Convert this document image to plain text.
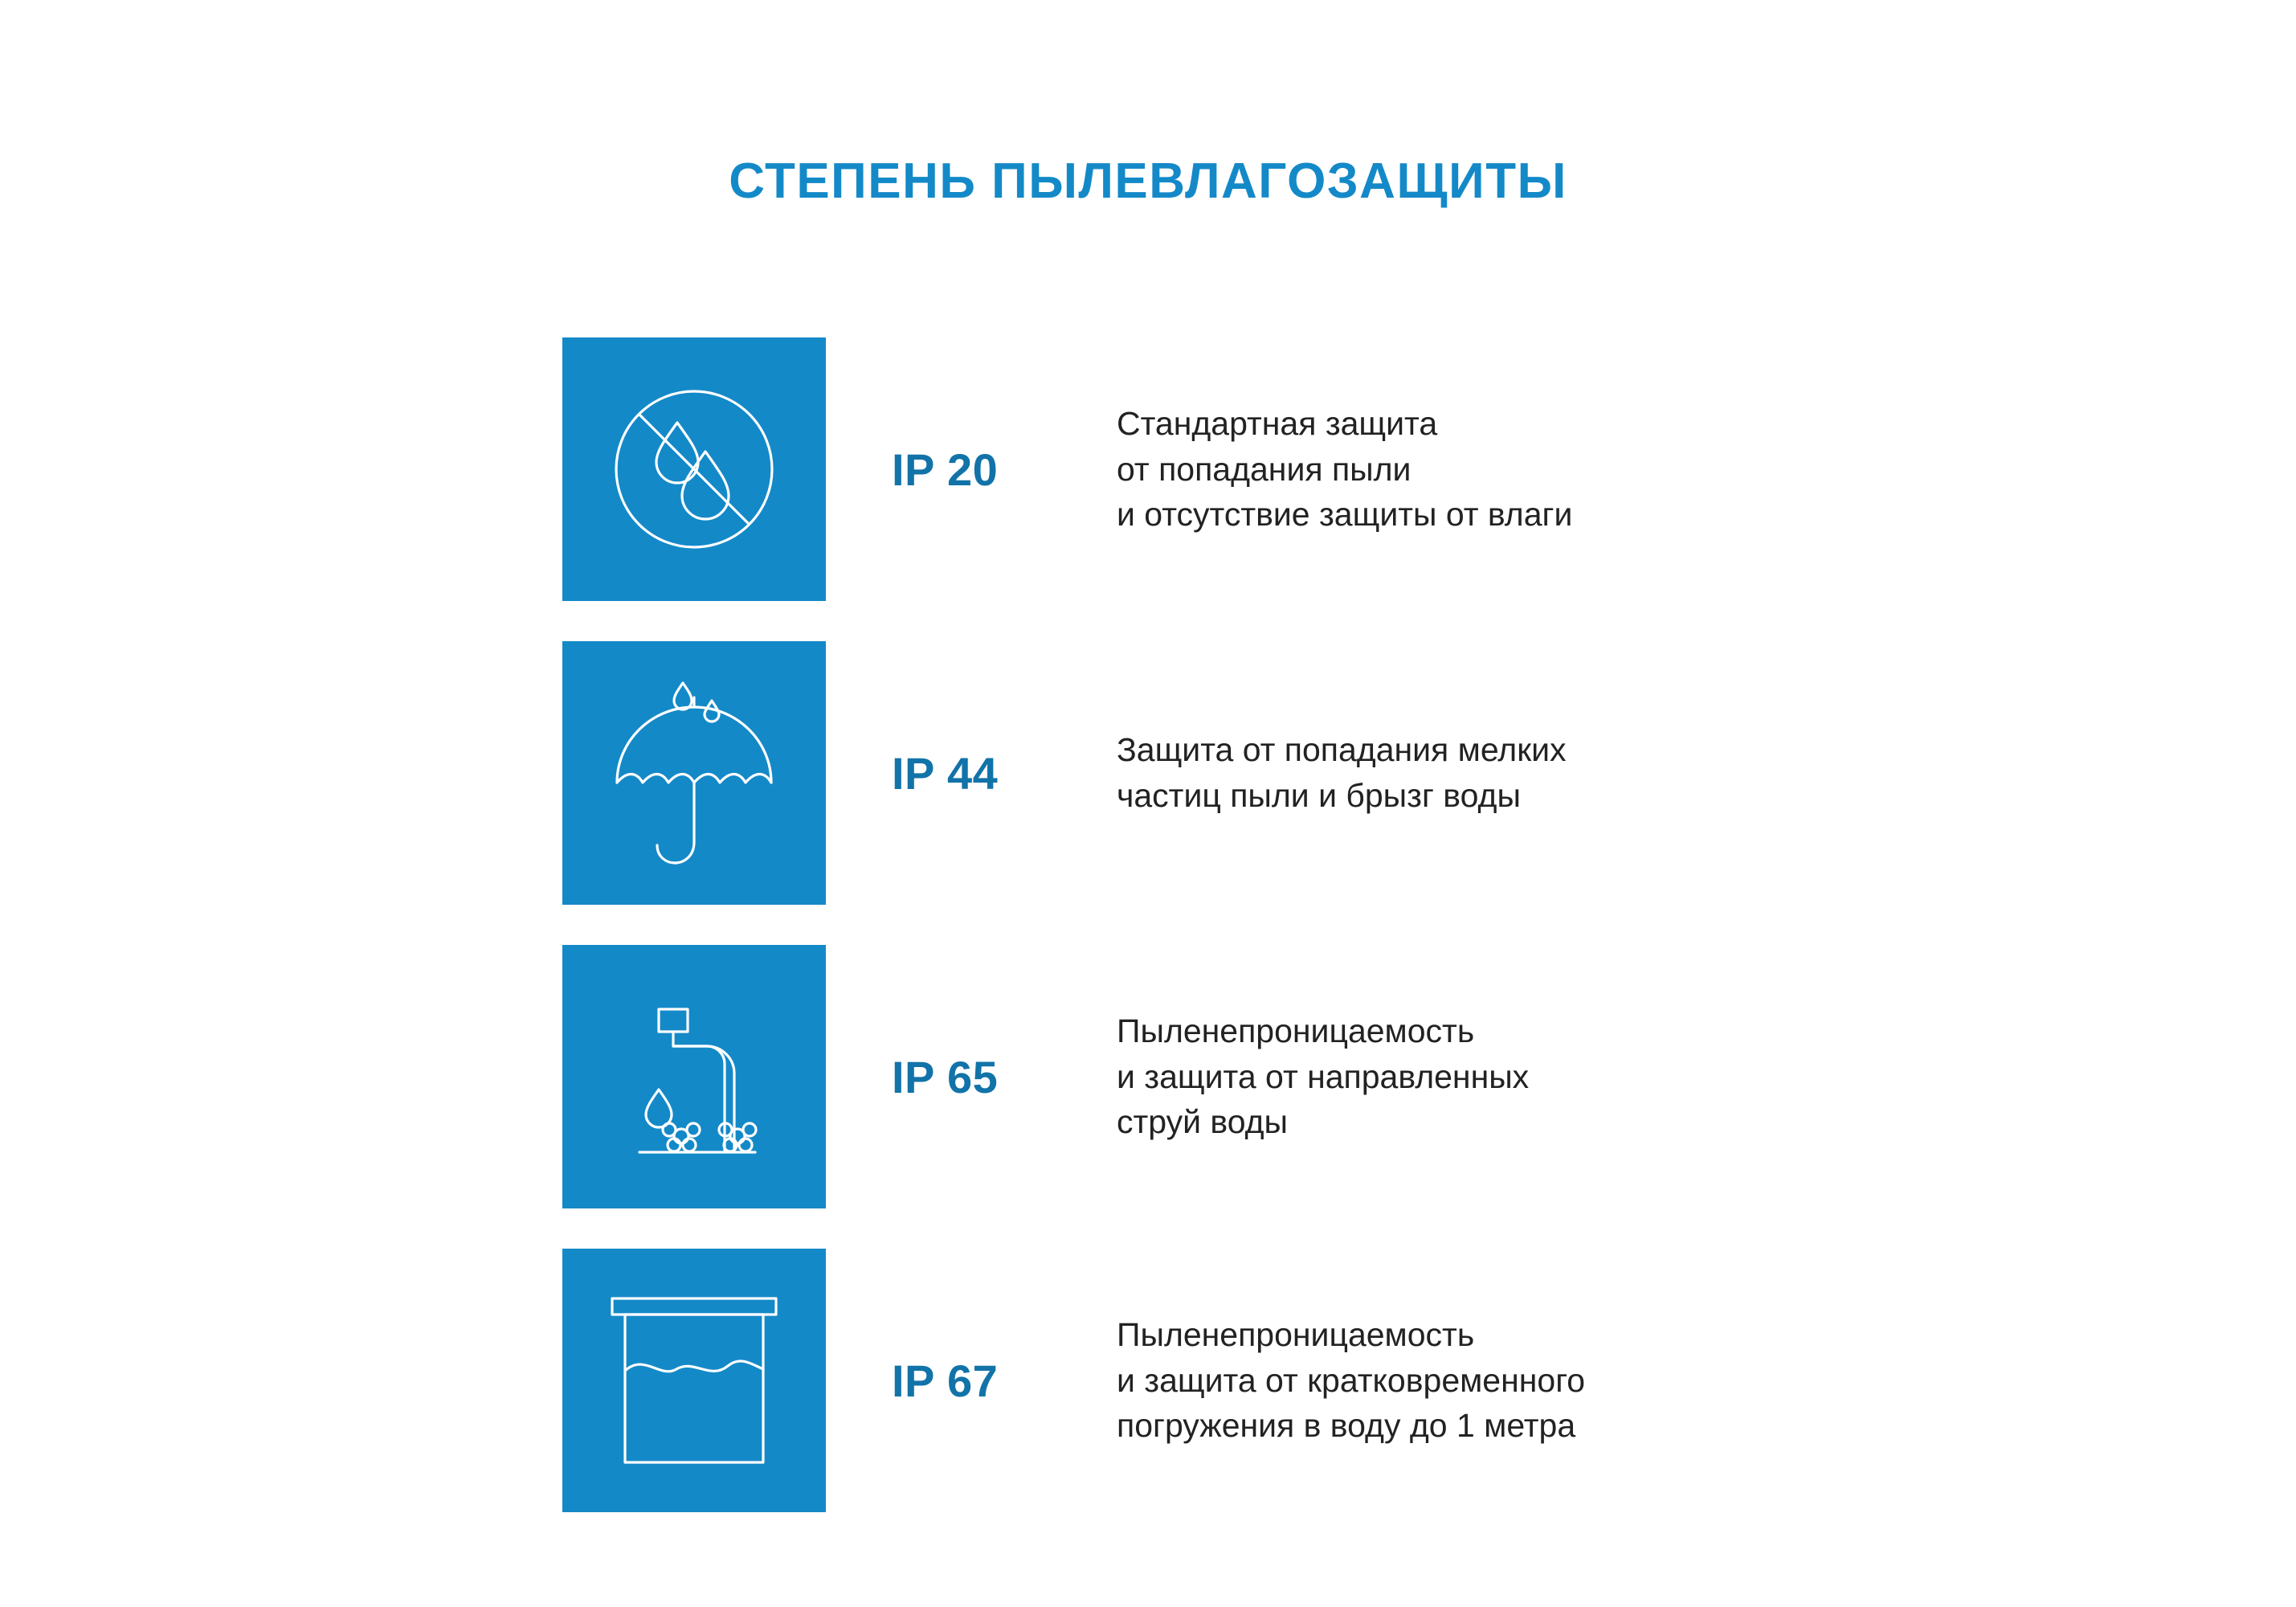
СТЕПЕНЬ ПЫЛЕВЛАГОЗАЩИТЫ
IP 20
Стандартная защита
от попадания пыли
и отсутствие защиты от влаги
IP 44	Защита от попадания мелких
частиц пыли и брызг воды
IP 65
Пыленепроницаемость
и защита от направленных
струй воды
IP 67
Пыленепроницаемость
и защита от кратковременного
погружения в воду до 1 метра
